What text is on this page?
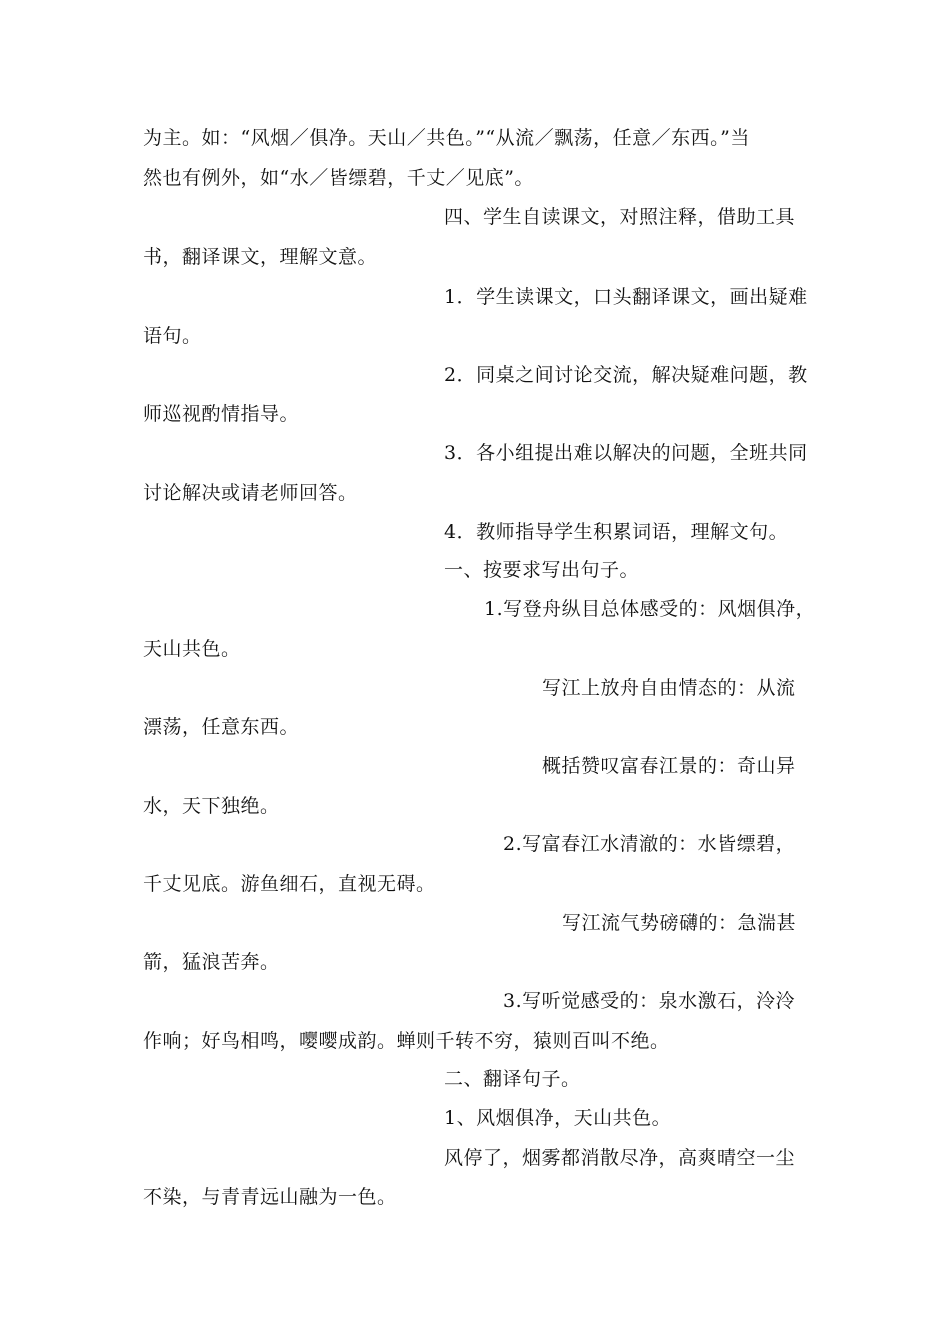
为主。如：“风烟／俱净。天山／共色。”“从流／飘荡，任意／东西。”当
然也有例外，如“水／皆缥碧，千丈／见底”。
四、学生自读课文，对照注释，借助工具
书，翻译课文，理解文意。
1．学生读课文，口头翻译课文，画出疑难
语句。
2．同桌之间讨论交流，解决疑难问题，教
师巡视酌情指导。
3．各小组提出难以解决的问题，全班共同
讨论解决或请老师回答。
4．教师指导学生积累词语，理解文句。
一、按要求写出句子。
1.写登舟纵目总体感受的：风烟俱净，
天山共色。
写江上放舟自由情态的：从流
漂荡，任意东西。
概括赞叹富春江景的：奇山异
水，天下独绝。
2.写富春江水清澈的：水皆缥碧，
千丈见底。游鱼细石，直视无碍。
写江流气势磅礴的：急湍甚
箭，猛浪苦奔。
3.写听觉感受的：泉水激石，泠泠
作响；好鸟相鸣，嘤嘤成韵。蝉则千转不穷，猿则百叫不绝。
二、翻译句子。
1、风烟俱净，天山共色。
风停了，烟雾都消散尽净，高爽晴空一尘
不染，与青青远山融为一色。
